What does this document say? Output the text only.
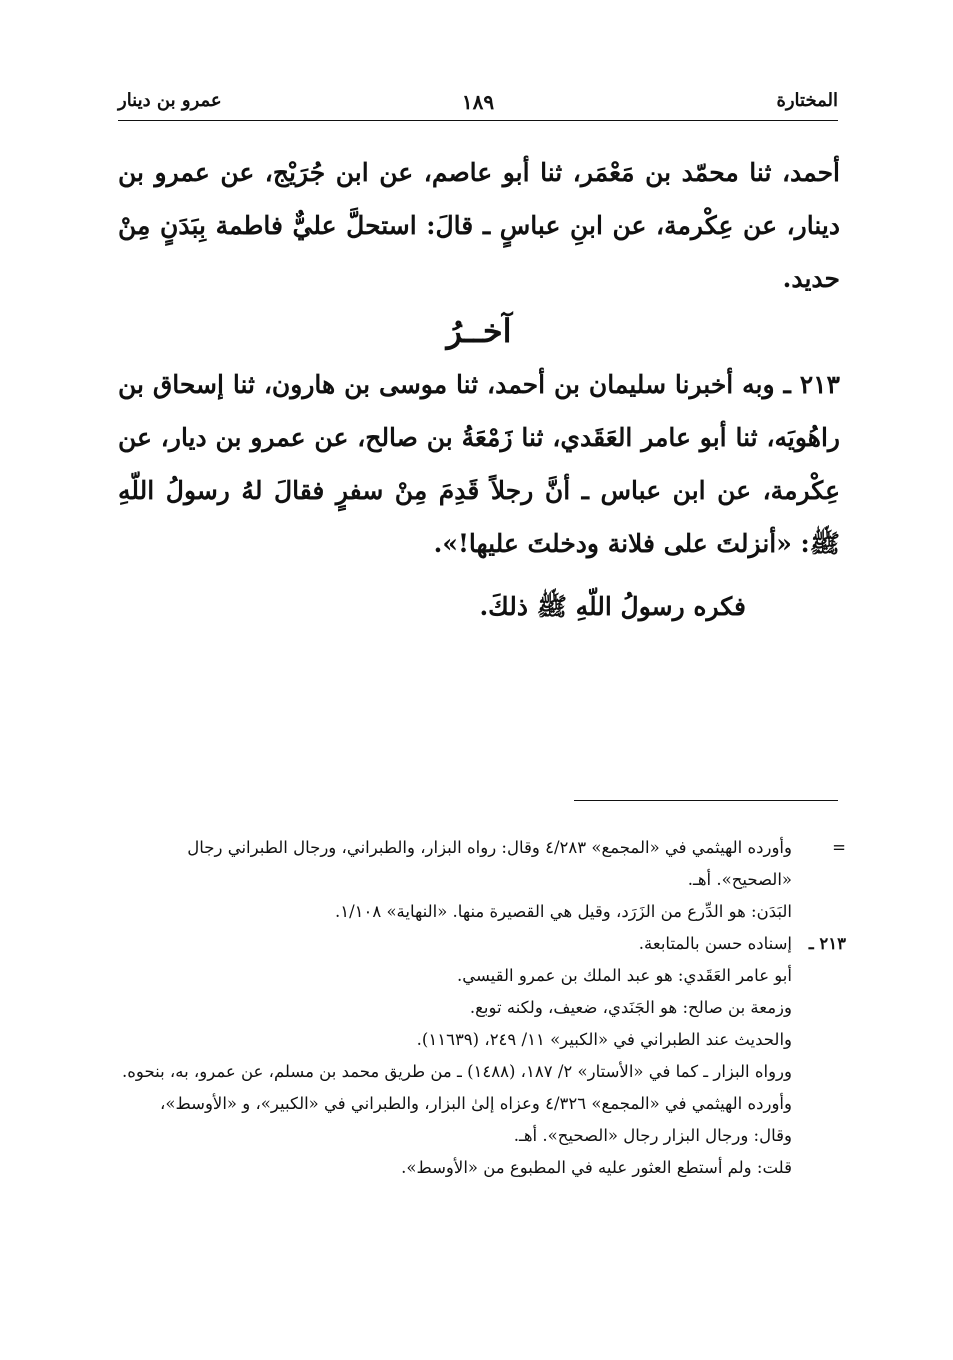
١٨٩	المختارة
عمرو بن دينار

أحمد، ثنا محمّد بن مَعْمَر، ثنا أبو عاصم، عن ابن جُرَيْج، عن عمرو بن دينار، عن عِكْرمة، عن ابنِ عباسٍ ـ قالَ: استحلَّ عليٌّ فاطمة بِبَدَنٍ مِنْ حديد.

آخــرُ

٢١٣ ـ وبه أخبرنا سليمان بن أحمد، ثنا موسى بن هارون، ثنا إسحاق بن راهُويَه، ثنا أبو عامر العَقَدي، ثنا زَمْعَةُ بن صالح، عن عمرو بن ديار، عن عِكْرمة، عن ابن عباس ـ أنَّ رجلاً قَدِمَ مِنْ سفرٍ فقالَ لهُ رسولُ اللّهِ ﷺ: «أنزلتَ على فلانة ودخلتَ عليها!».

فكره رسولُ اللّهِ ﷺ ذلكَ.

=
وأورده الهيثمي في «المجمع» ٤/٢٨٣ وقال: رواه البزار، والطبراني، ورجال الطبراني رجال «الصحيح». أهـ.

البَدَن: هو الدِّرع من الزَرَد، وقيل هي القصيرة منها. «النهاية» ١/١٠٨.

٢١٣ ـ
إسناده حسن بالمتابعة.

أبو عامر العَقَدي: هو عبد الملك بن عمرو القيسي.

وزمعة بن صالح: هو الجَنَدي، ضعيف، ولكنه توبع.

والحديث عند الطبراني في «الكبير» ١١/ ٢٤٩، (١١٦٣٩).

ورواه البزار ـ كما في «الأستار» ٢/ ١٨٧، (١٤٨٨) ـ من طريق محمد بن مسلم، عن عمرو، به، بنحوه.

وأورده الهيثمي في «المجمع» ٤/٣٢٦ وعزاه إلىٰ البزار، والطبراني في «الكبير»، و «الأوسط»، وقال: ورجال البزار رجال «الصحيح». أهـ.

قلت: ولم أستطع العثور عليه في المطبوع من «الأوسط».
